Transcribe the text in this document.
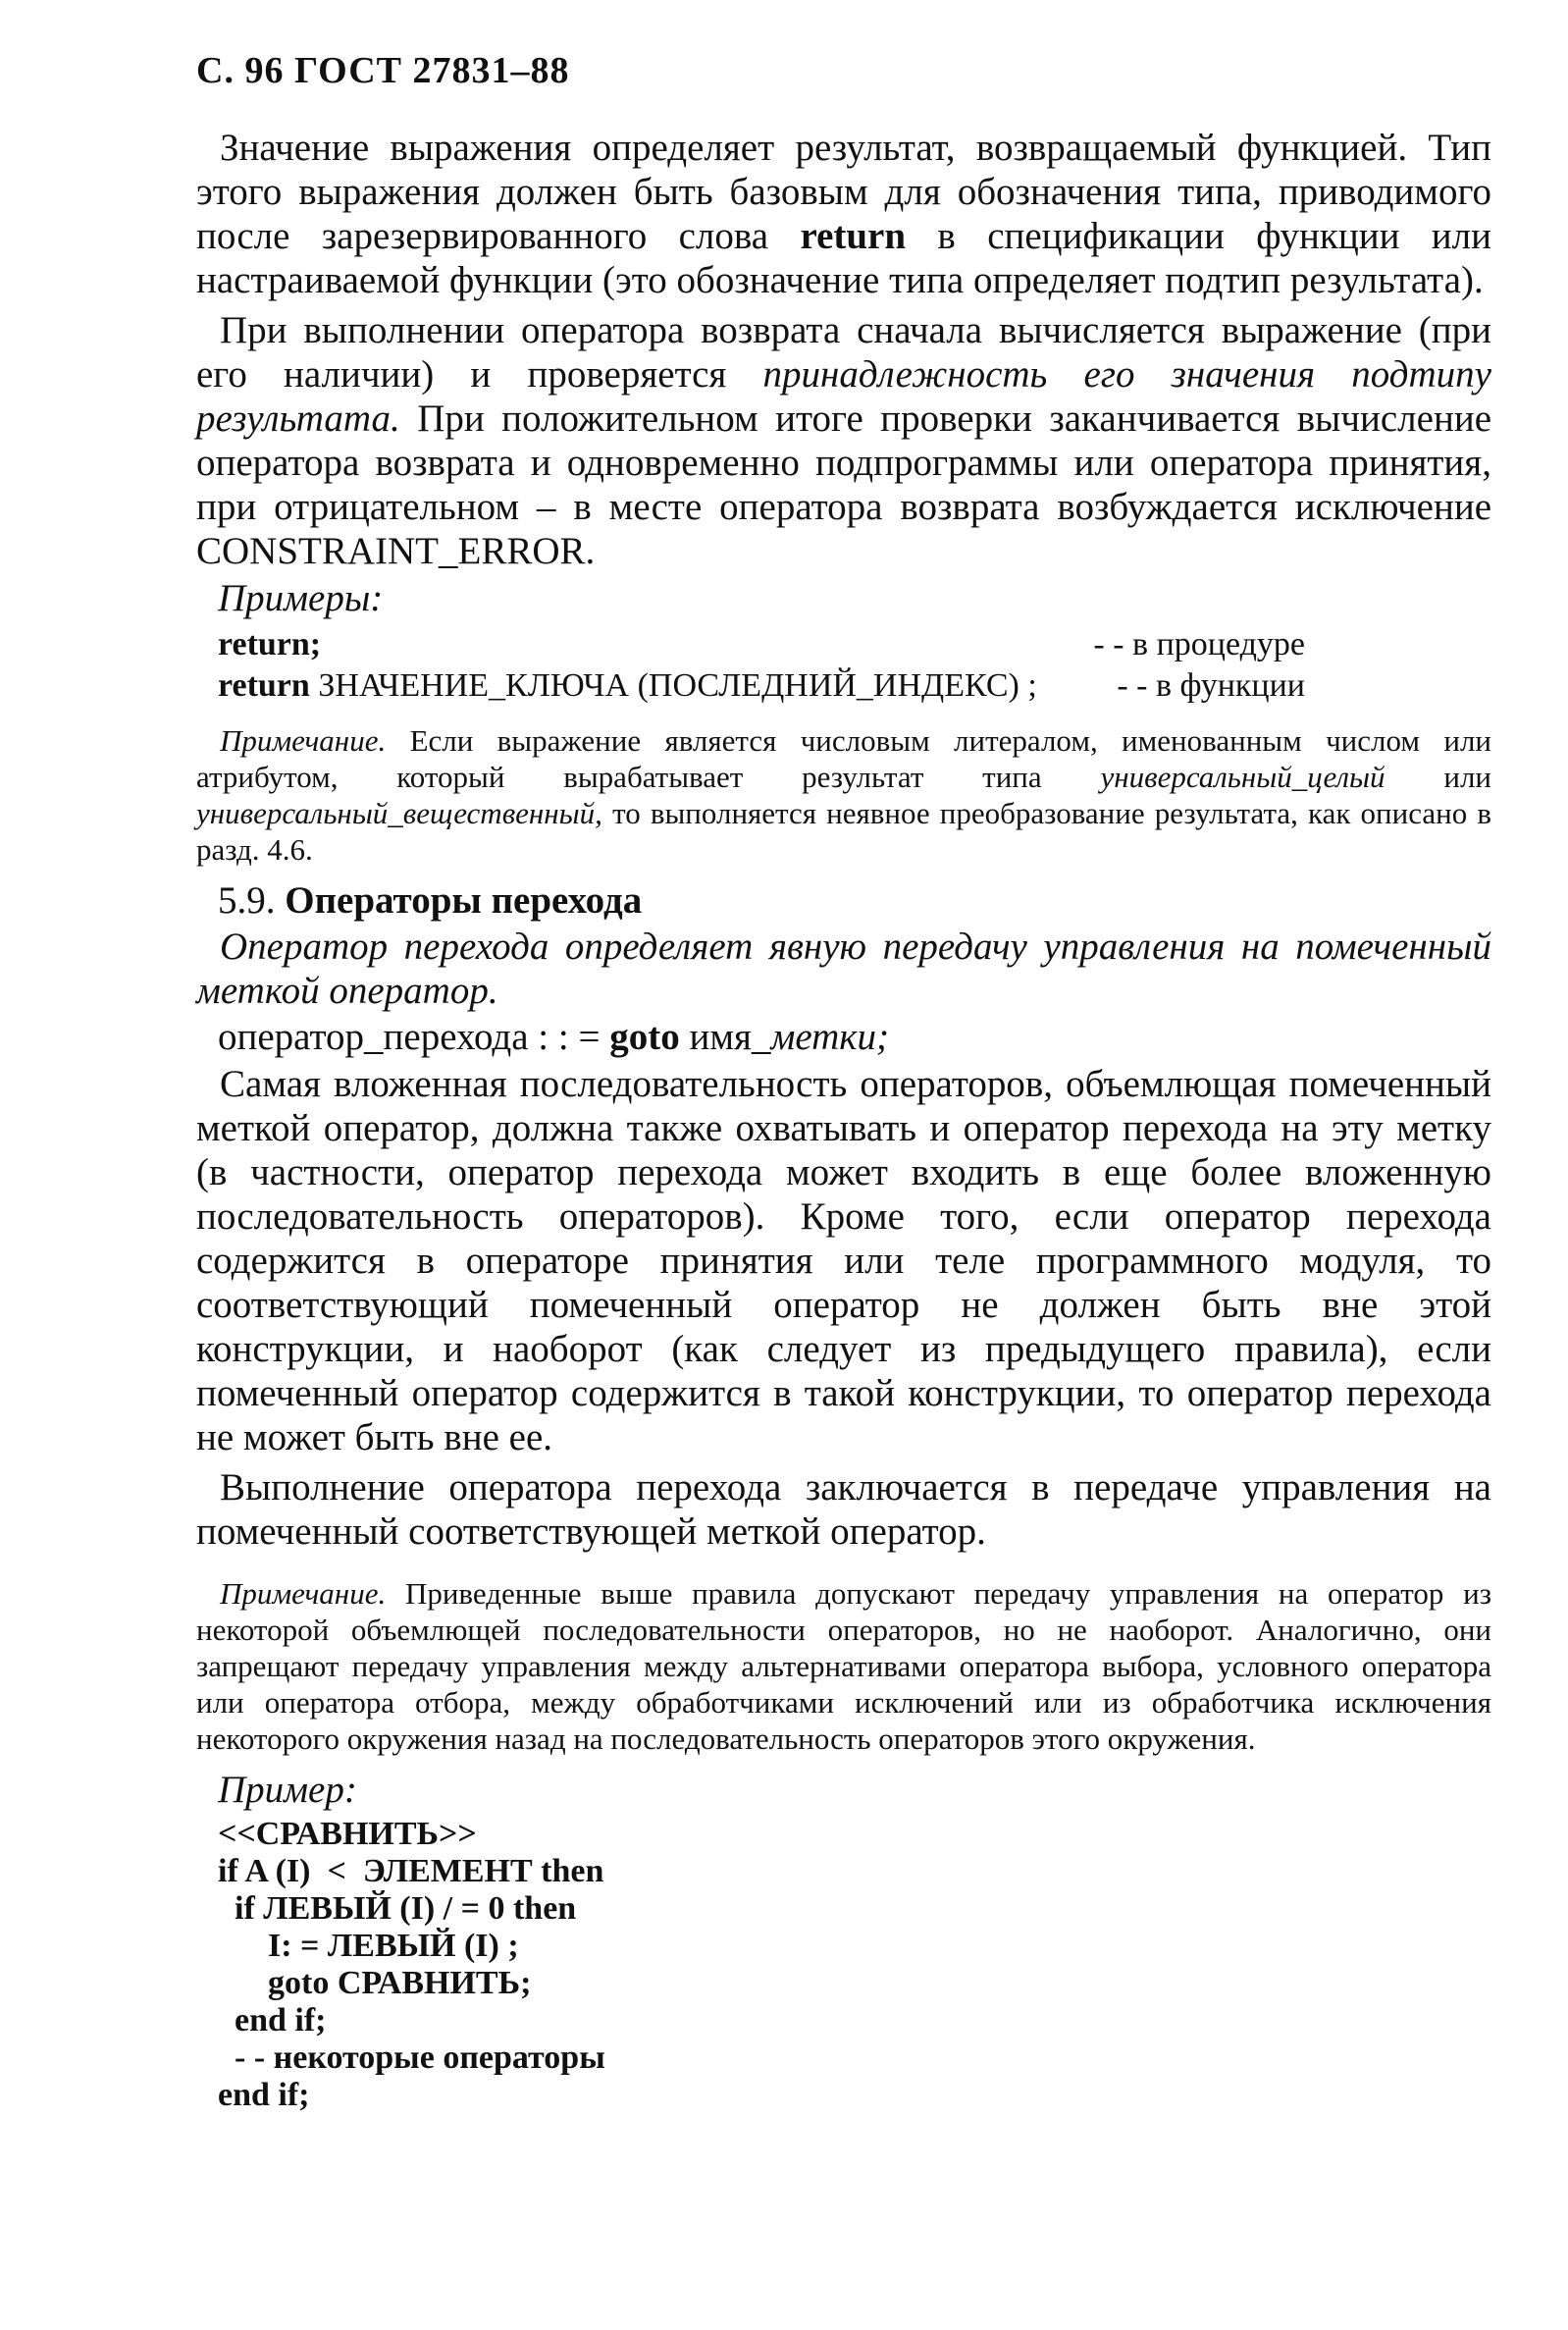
С. 96 ГОСТ 27831–88

Значение выражения определяет результат, возвращаемый функцией. Тип этого выражения должен быть базовым для обозначения типа, приводимого после зарезервированного слова return в спецификации функции или настраиваемой функции (это обозначение типа определяет подтип результата).

При выполнении оператора возврата сначала вычисляется выражение (при его наличии) и проверяется принадлежность его значения подтипу результата. При положительном итоге проверки заканчивается вычисление оператора возврата и одновременно подпрограммы или оператора принятия, при отрицательном – в месте оператора возврата возбуждается исключение CONSTRAINT_ERROR.

Примеры:
return;	- - в процедуре
return ЗНАЧЕНИЕ_КЛЮЧА (ПОСЛЕДНИЙ_ИНДЕКС) ; - - в функции

Примечание. Если выражение является числовым литералом, именованным числом или атрибутом, который вырабатывает результат типа универсальный_целый или универсальный_вещественный, то выполняется неявное преобразование результата, как описано в разд. 4.6.

5.9. Операторы перехода

Оператор перехода определяет явную передачу управления на помеченный меткой оператор.

оператор_перехода : : = goto имя_метки;

Самая вложенная последовательность операторов, объемлющая помеченный меткой оператор, должна также охватывать и оператор перехода на эту метку (в частности, оператор перехода может входить в еще более вложенную последовательность операторов). Кроме того, если оператор перехода содержится в операторе принятия или теле программного модуля, то соответствующий помеченный оператор не должен быть вне этой конструкции, и наоборот (как следует из предыдущего правила), если помеченный оператор содержится в такой конструкции, то оператор перехода не может быть вне ее.

Выполнение оператора перехода заключается в передаче управления на помеченный соответствующей меткой оператор.

Примечание. Приведенные выше правила допускают передачу управления на оператор из некоторой объемлющей последовательности операторов, но не наоборот. Аналогично, они запрещают передачу управления между альтернативами оператора выбора, условного оператора или оператора отбора, между обработчиками исключений или из обработчика исключения некоторого окружения назад на последовательность операторов этого окружения.

Пример:
<<СРАВНИТЬ>>
if A (I)  <  ЭЛЕМЕНТ then
if ЛЕВЫЙ (I) / = 0 then
I: = ЛЕВЫЙ (I) ;
goto СРАВНИТЬ;
end if;
- - некоторые операторы
end if;
